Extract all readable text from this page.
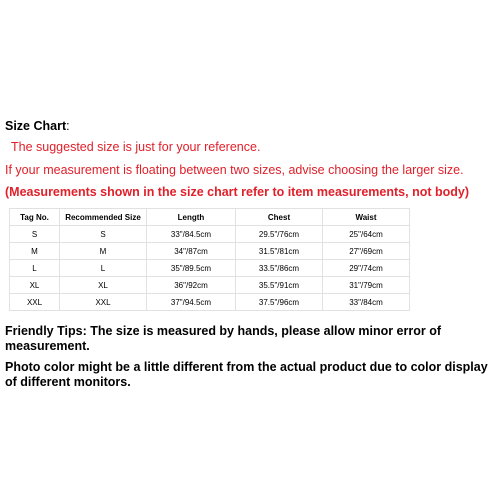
Size Chart:
The suggested size is just for your reference.
If your measurement is floating between two sizes, advise choosing the larger size.
(Measurements shown in the size chart refer to item measurements, not body)
Tag No.	Recommended Size	Length	Chest	Waist
S	S	33"/84.5cm	29.5"/76cm	25"/64cm
M	M	34"/87cm	31.5"/81cm	27"/69cm
L	L	35"/89.5cm	33.5"/86cm	29"/74cm
XL	XL	36"/92cm	35.5"/91cm	31"/79cm
XXL	XXL	37"/94.5cm	37.5"/96cm	33"/84cm

Friendly Tips: The size is measured by hands, please allow minor error of measurement.

Photo color might be a little different from the actual product due to color display of different monitors.
